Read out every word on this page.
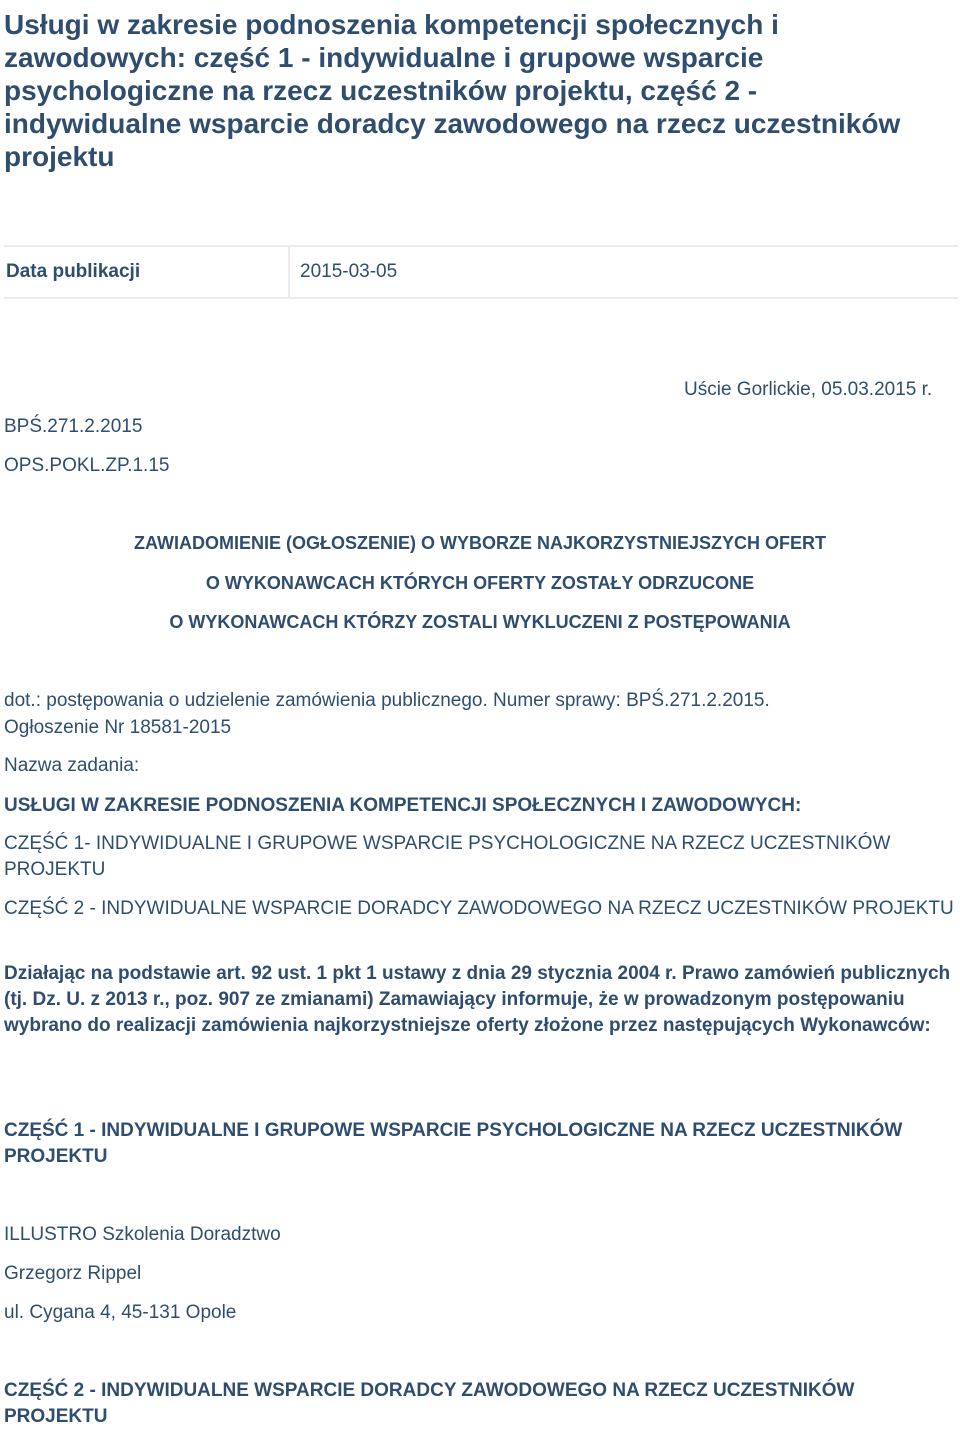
Usługi w zakresie podnoszenia kompetencji społecznych i zawodowych: część 1 - indywidualne i grupowe wsparcie psychologiczne na rzecz uczestników projektu, część 2 - indywidualne wsparcie doradcy zawodowego na rzecz uczestników projektu
Data publikacji	2015-03-05
BPŚ.271.2.2015
OPS.POKL.ZP.1.15
Uście Gorlickie, 05.03.2015 r.
ZAWIADOMIENIE (OGŁOSZENIE) O WYBORZE NAJKORZYSTNIEJSZYCH OFERT
O WYKONAWCACH KTÓRYCH OFERTY ZOSTAŁY ODRZUCONE
O WYKONAWCACH KTÓRZY ZOSTALI WYKLUCZENI Z POSTĘPOWANIA
dot.: postępowania o udzielenie zamówienia publicznego. Numer sprawy: BPŚ.271.2.2015.
Ogłoszenie Nr 18581-2015
Nazwa zadania:
USŁUGI W ZAKRESIE PODNOSZENIA KOMPETENCJI SPOŁECZNYCH I ZAWODOWYCH:
CZĘŚĆ 1- INDYWIDUALNE I GRUPOWE WSPARCIE PSYCHOLOGICZNE NA RZECZ UCZESTNIKÓW PROJEKTU
CZĘŚĆ 2 - INDYWIDUALNE WSPARCIE DORADCY ZAWODOWEGO NA RZECZ UCZESTNIKÓW PROJEKTU
Działając na podstawie art. 92 ust. 1 pkt 1 ustawy z dnia 29 stycznia 2004 r. Prawo zamówień publicznych (tj. Dz. U. z 2013 r., poz. 907 ze zmianami) Zamawiający informuje, że w prowadzonym postępowaniu wybrano do realizacji zamówienia najkorzystniejsze oferty złożone przez następujących Wykonawców:
CZĘŚĆ 1 - INDYWIDUALNE I GRUPOWE WSPARCIE PSYCHOLOGICZNE NA RZECZ UCZESTNIKÓW PROJEKTU
ILLUSTRO Szkolenia Doradztwo
Grzegorz Rippel
ul. Cygana 4, 45-131 Opole
CZĘŚĆ 2 - INDYWIDUALNE WSPARCIE DORADCY ZAWODOWEGO NA RZECZ UCZESTNIKÓW PROJEKTU
